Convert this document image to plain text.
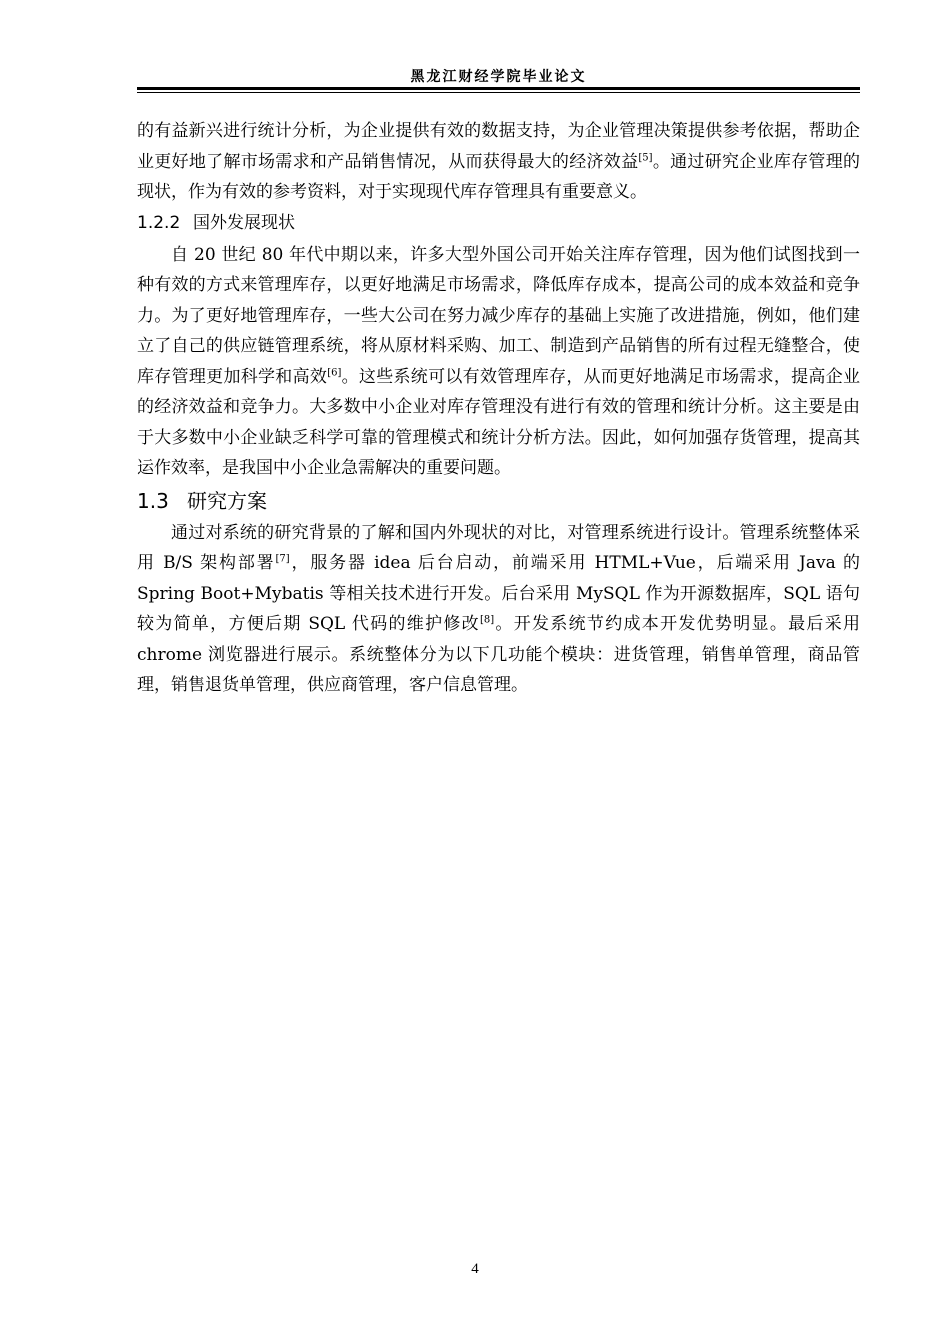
黑龙江财经学院毕业论文

的有益新兴进行统计分析，为企业提供有效的数据支持，为企业管理决策提供参考依据，帮助企业更好地了解市场需求和产品销售情况，从而获得最大的经济效益[5]。通过研究企业库存管理的现状，作为有效的参考资料，对于实现现代库存管理具有重要意义。

1.2.2 国外发展现状

自 20 世纪 80 年代中期以来，许多大型外国公司开始关注库存管理，因为他们试图找到一种有效的方式来管理库存，以更好地满足市场需求，降低库存成本，提高公司的成本效益和竞争力。为了更好地管理库存，一些大公司在努力减少库存的基础上实施了改进措施，例如，他们建立了自己的供应链管理系统，将从原材料采购、加工、制造到产品销售的所有过程无缝整合，使库存管理更加科学和高效[6]。这些系统可以有效管理库存，从而更好地满足市场需求，提高企业的经济效益和竞争力。大多数中小企业对库存管理没有进行有效的管理和统计分析。这主要是由于大多数中小企业缺乏科学可靠的管理模式和统计分析方法。因此，如何加强存货管理，提高其运作效率，是我国中小企业急需解决的重要问题。

1.3 研究方案

通过对系统的研究背景的了解和国内外现状的对比，对管理系统进行设计。管理系统整体采用 B/S 架构部署[7]，服务器 idea 后台启动，前端采用 HTML+Vue，后端采用 Java 的 Spring Boot+Mybatis 等相关技术进行开发。后台采用 MySQL 作为开源数据库，SQL 语句较为简单，方便后期 SQL 代码的维护修改[8]。开发系统节约成本开发优势明显。最后采用 chrome 浏览器进行展示。系统整体分为以下几功能个模块：进货管理，销售单管理，商品管理，销售退货单管理，供应商管理，客户信息管理。

4
